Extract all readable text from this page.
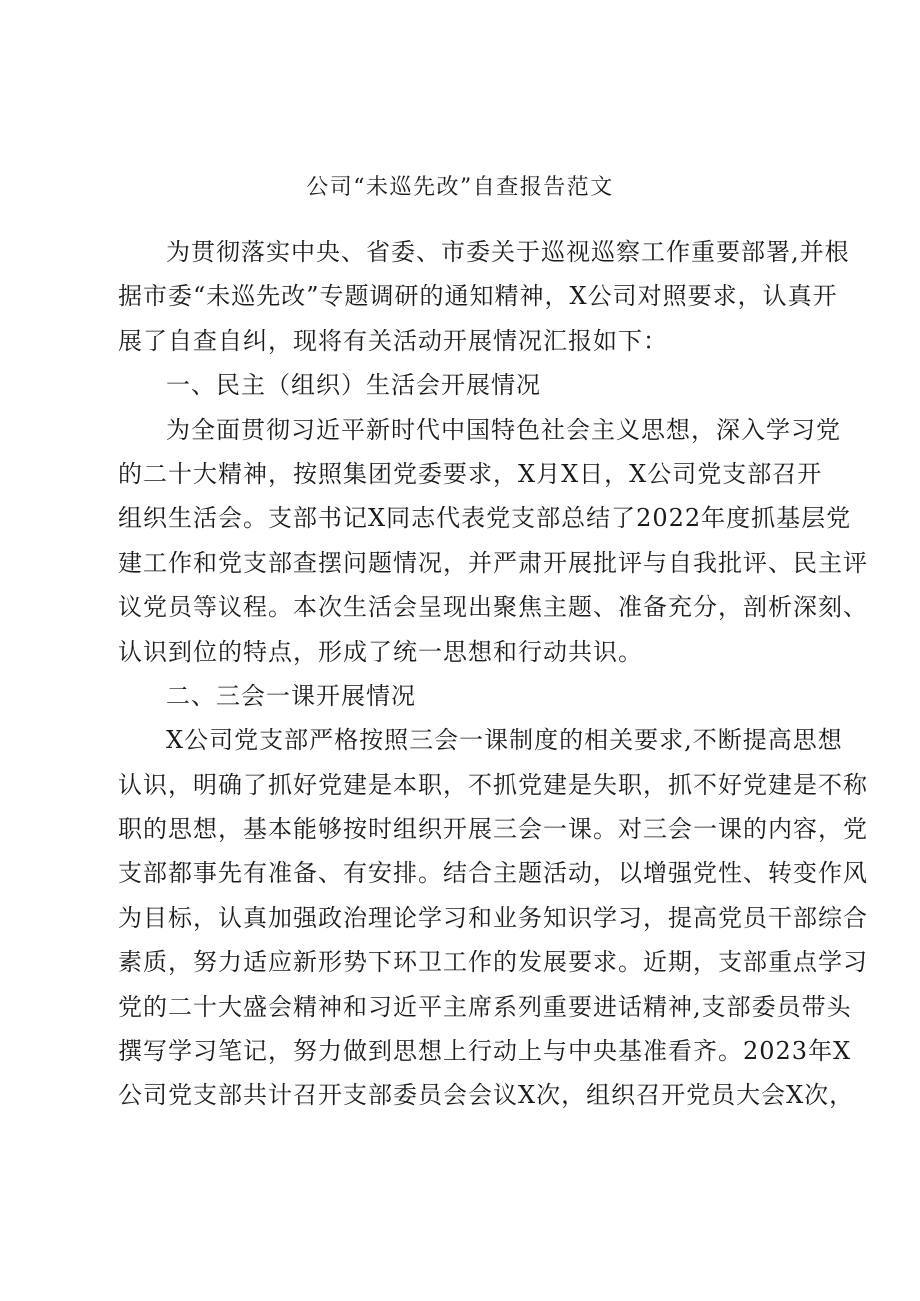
公司“未巡先改”自查报告范文
为贯彻落实中央、省委、市委关于巡视巡察工作重要部署,并根
据市委“未巡先改”专题调研的通知精神，X公司对照要求，认真开
展了自查自纠，现将有关活动开展情况汇报如下：
一、民主（组织）生活会开展情况
为全面贯彻习近平新时代中国特色社会主义思想，深入学习党
的二十大精神，按照集团党委要求，X月X日，X公司党支部召开
组织生活会。支部书记X同志代表党支部总结了2022年度抓基层党
建工作和党支部查摆问题情况，并严肃开展批评与自我批评、民主评
议党员等议程。本次生活会呈现出聚焦主题、准备充分，剖析深刻、
认识到位的特点，形成了统一思想和行动共识。
二、三会一课开展情况
X公司党支部严格按照三会一课制度的相关要求,不断提高思想
认识，明确了抓好党建是本职，不抓党建是失职，抓不好党建是不称
职的思想，基本能够按时组织开展三会一课。对三会一课的内容，党
支部都事先有准备、有安排。结合主题活动，以增强党性、转变作风
为目标，认真加强政治理论学习和业务知识学习，提高党员干部综合
素质，努力适应新形势下环卫工作的发展要求。近期，支部重点学习
党的二十大盛会精神和习近平主席系列重要进话精神,支部委员带头
撰写学习笔记，努力做到思想上行动上与中央基准看齐。2023年X
公司党支部共计召开支部委员会会议X次，组织召开党员大会X次，
